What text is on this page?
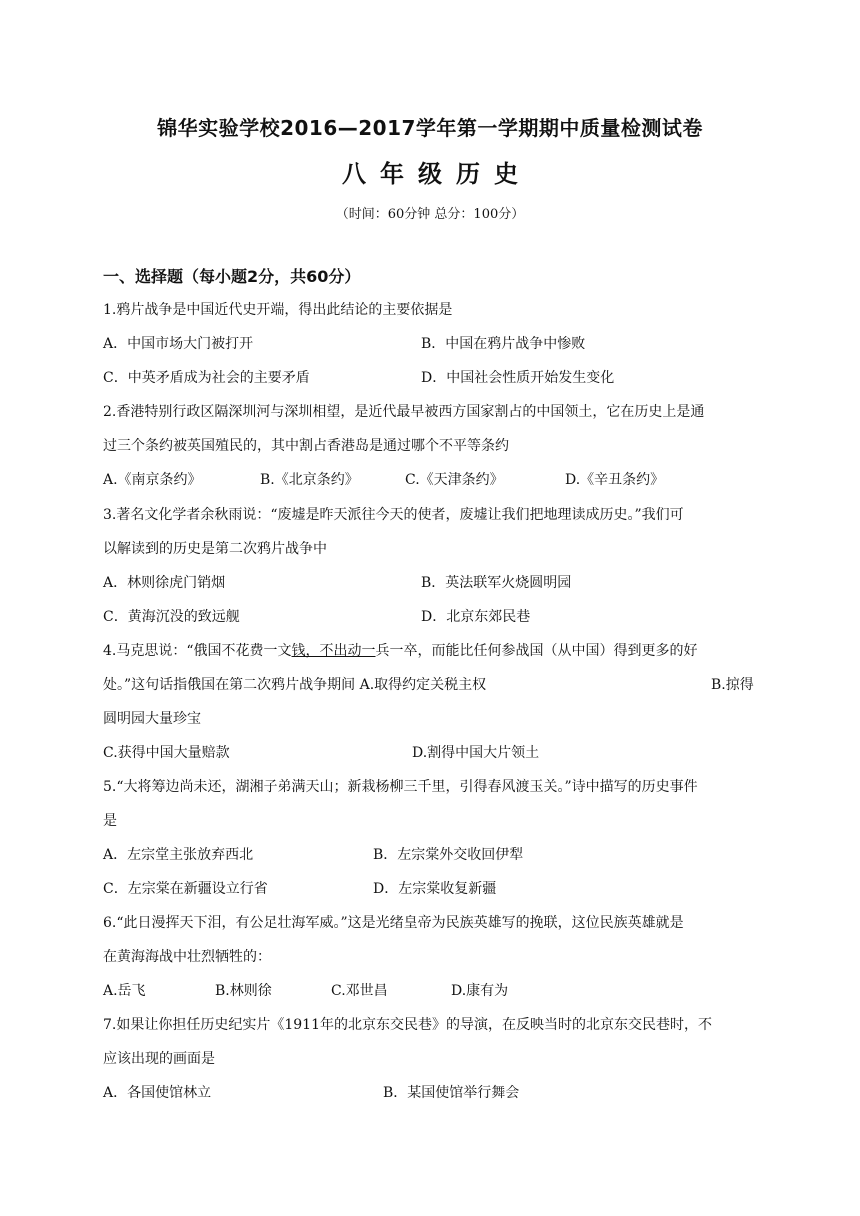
锦华实验学校2016—2017学年第一学期期中质量检测试卷
八年级历史
（时间：60分钟 总分：100分）
一、选择题（每小题2分，共60分）
1.鸦片战争是中国近代史开端，得出此结论的主要依据是
A．中国市场大门被打开	B．中国在鸦片战争中惨败
C．中英矛盾成为社会的主要矛盾	D．中国社会性质开始发生变化
2.香港特别行政区隔深圳河与深圳相望，是近代最早被西方国家割占的中国领土，它在历史上是通
过三个条约被英国殖民的，其中割占香港岛是通过哪个不平等条约
A.《南京条约》	B.《北京条约》	C.《天津条约》	D.《辛丑条约》
3.著名文化学者余秋雨说：“废墟是昨天派往今天的使者，废墟让我们把地理读成历史。”我们可
以解读到的历史是第二次鸦片战争中
A．林则徐虎门销烟	B．英法联军火烧圆明园
C．黄海沉没的致远舰	D．北京东郊民巷
4.马克思说：“俄国不花费一文钱，不出动一兵一卒，而能比任何参战国（从中国）得到更多的好
处。”这句话指俄国在第二次鸦片战争期间 A.取得约定关税主权	B.掠得
圆明园大量珍宝
C.获得中国大量赔款	D.割得中国大片领土
5.“大将筹边尚未还，湖湘子弟满天山；新栽杨柳三千里，引得春风渡玉关。”诗中描写的历史事件
是
A．左宗堂主张放弃西北	B．左宗棠外交收回伊犁
C．左宗棠在新疆设立行省	D．左宗棠收复新疆
6.“此日漫挥天下泪，有公足壮海军威。”这是光绪皇帝为民族英雄写的挽联，这位民族英雄就是
在黄海海战中壮烈牺牲的：
A.岳飞	B.林则徐	C.邓世昌	D.康有为
7.如果让你担任历史纪实片《1911年的北京东交民巷》的导演，在反映当时的北京东交民巷时，不
应该出现的画面是
A．各国使馆林立	B．某国使馆举行舞会
